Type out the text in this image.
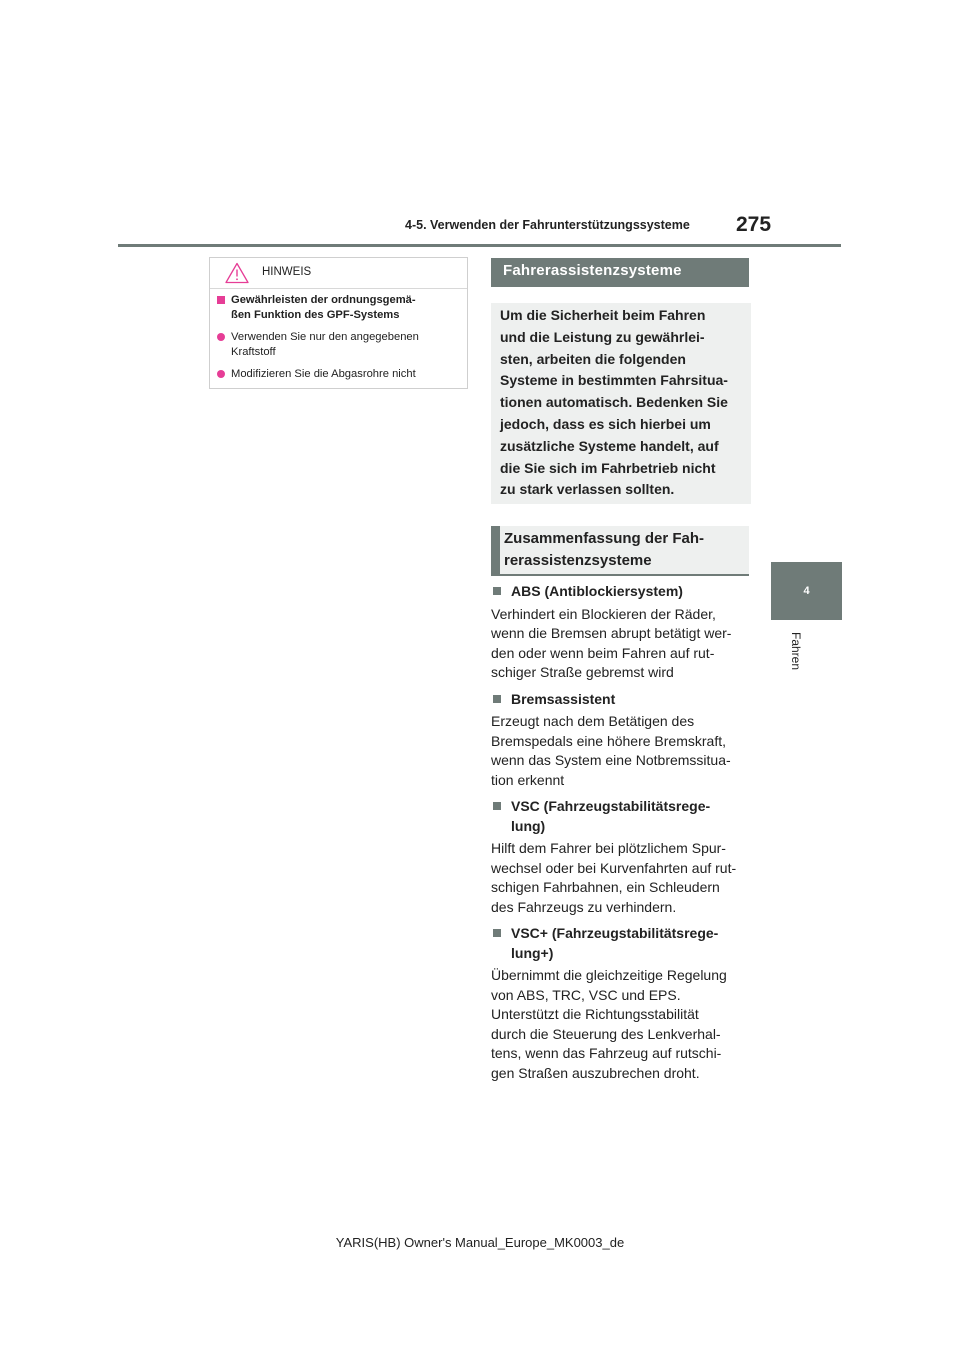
4-5. Verwenden der Fahrunterstützungssysteme 275
4
Fahren
HINWEIS
Gewährleisten der ordnungsgemä-
ßen Funktion des GPF-Systems
Verwenden Sie nur den angegebenen
Kraftstoff
Modifizieren Sie die Abgasrohre nicht
Fahrerassistenzsysteme
Um die Sicherheit beim Fahren
und die Leistung zu gewährlei-
sten, arbeiten die folgenden
Systeme in bestimmten Fahrsitua-
tionen automatisch. Bedenken Sie
jedoch, dass es sich hierbei um
zusätzliche Systeme handelt, auf
die Sie sich im Fahrbetrieb nicht
zu stark verlassen sollten.
Zusammenfassung der Fah-
rerassistenzsysteme
ABS (Antiblockiersystem)
Verhindert ein Blockieren der Räder,
wenn die Bremsen abrupt betätigt wer-
den oder wenn beim Fahren auf rut-
schiger Straße gebremst wird
Bremsassistent
Erzeugt nach dem Betätigen des
Bremspedals eine höhere Bremskraft,
wenn das System eine Notbremssitua-
tion erkennt
VSC (Fahrzeugstabilitätsrege-
lung)
Hilft dem Fahrer bei plötzlichem Spur-
wechsel oder bei Kurvenfahrten auf rut-
schigen Fahrbahnen, ein Schleudern
des Fahrzeugs zu verhindern.
VSC+ (Fahrzeugstabilitätsrege-
lung+)
Übernimmt die gleichzeitige Regelung
von ABS, TRC, VSC und EPS.
Unterstützt die Richtungsstabilität
durch die Steuerung des Lenkverhal-
tens, wenn das Fahrzeug auf rutschi-
gen Straßen auszubrechen droht.
YARIS(HB) Owner's Manual_Europe_MK0003_de
